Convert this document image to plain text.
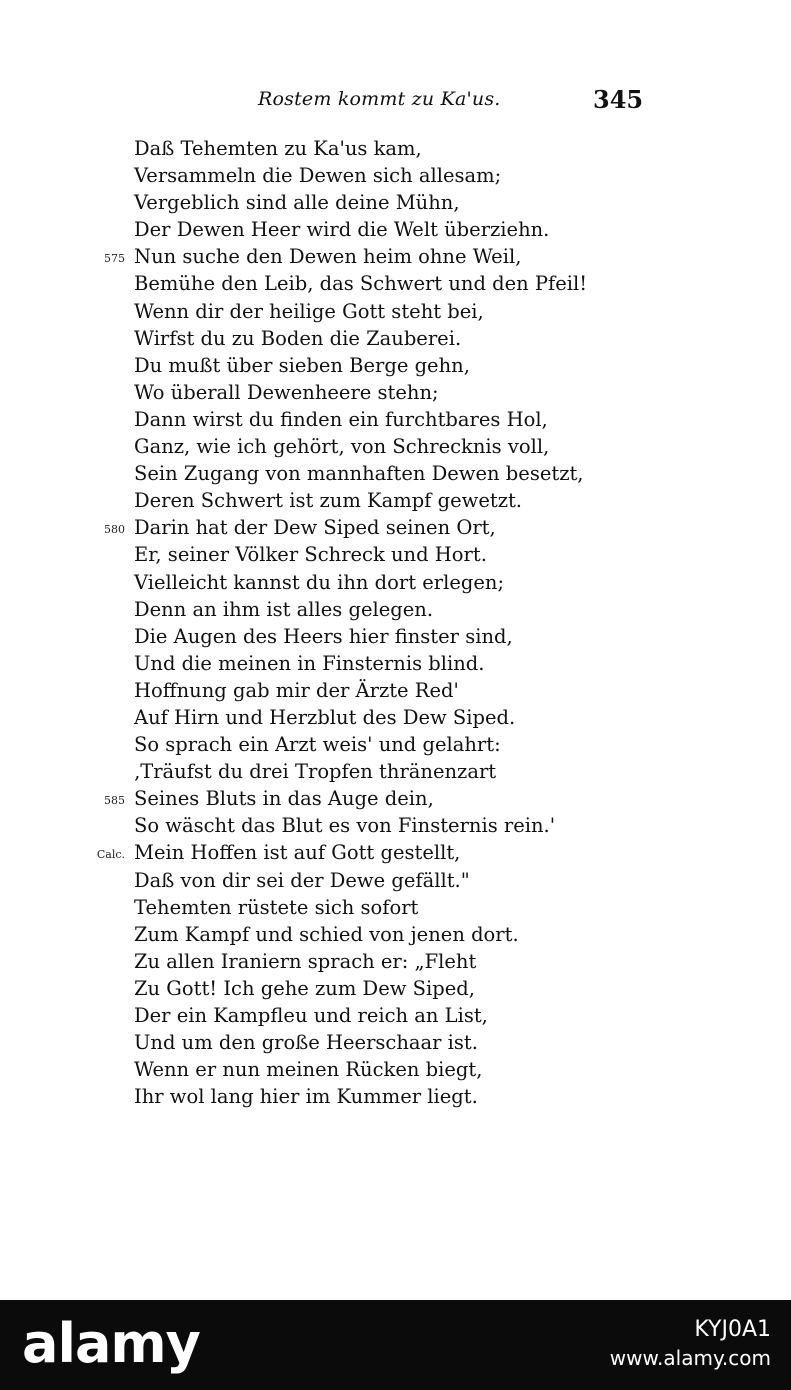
Rostem kommt zu Ka'us.	345
Daß Tehemten zu Ka'us kam,
Versammeln die Dewen sich allesam;
Vergeblich sind alle deine Mühn,
Der Dewen Heer wird die Welt überziehn.
575 Nun suche den Dewen heim ohne Weil,
Bemühe den Leib, das Schwert und den Pfeil!
Wenn dir der heilige Gott steht bei,
Wirfst du zu Boden die Zauberei.
Du mußt über sieben Berge gehn,
Wo überall Dewenheere stehn;
Dann wirst du finden ein furchtbares Hol,
Ganz, wie ich gehört, von Schrecknis voll,
Sein Zugang von mannhaften Dewen besetzt,
Deren Schwert ist zum Kampf gewetzt.
580 Darin hat der Dew Siped seinen Ort,
Er, seiner Völker Schreck und Hort.
Vielleicht kannst du ihn dort erlegen;
Denn an ihm ist alles gelegen.
Die Augen des Heers hier finster sind,
Und die meinen in Finsternis blind.
Hoffnung gab mir der Ärzte Red'
Auf Hirn und Herzblut des Dew Siped.
So sprach ein Arzt weis' und gelahrt:
‚Träufst du drei Tropfen thränenzart
585 Seines Bluts in das Auge dein,
So wäscht das Blut es von Finsternis rein.'
Calc. Mein Hoffen ist auf Gott gestellt,
Daß von dir sei der Dewe gefällt."
Tehemten rüstete sich sofort
Zum Kampf und schied von jenen dort.
Zu allen Iraniern sprach er: „Fleht
Zu Gott! Ich gehe zum Dew Siped,
Der ein Kampfleu und reich an List,
Und um den große Heerschaar ist.
Wenn er nun meinen Rücken biegt,
Ihr wol lang hier im Kummer liegt.
alamy	KYJ0A1
www.alamy.com
